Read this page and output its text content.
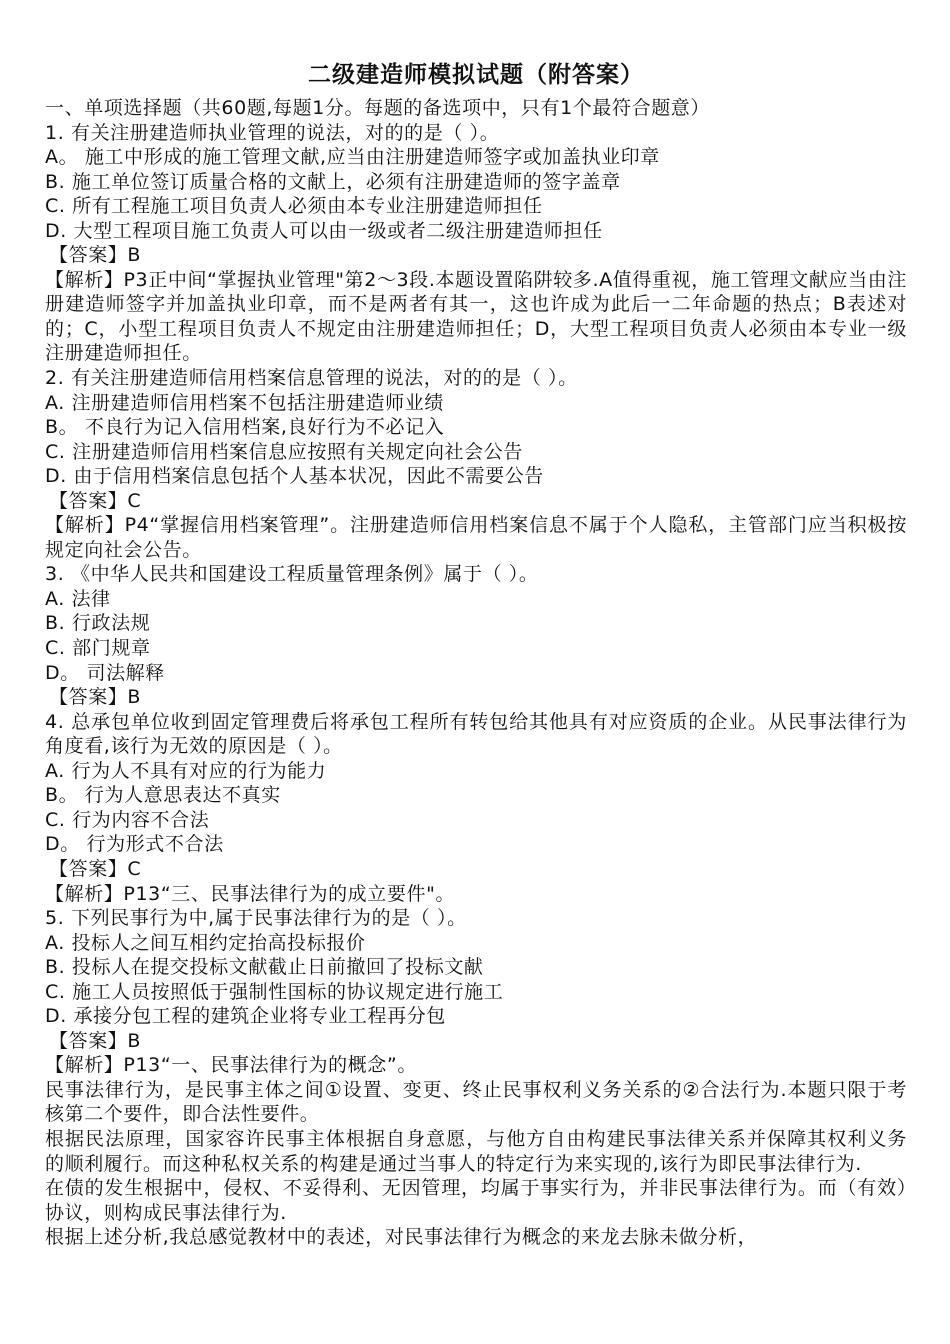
二级建造师模拟试题（附答案）
一、单项选择题（共60题,每题1分。每题的备选项中，只有1个最符合题意）
1. 有关注册建造师执业管理的说法，对的的是（ ）。
A。 施工中形成的施工管理文献,应当由注册建造师签字或加盖执业印章
B. 施工单位签订质量合格的文献上，必须有注册建造师的签字盖章
C. 所有工程施工项目负责人必须由本专业注册建造师担任
D. 大型工程项目施工负责人可以由一级或者二级注册建造师担任
【答案】B
【解析】P3正中间“掌握执业管理"第2～3段.本题设置陷阱较多.A值得重视，施工管理文献应当由注册建造师签字并加盖执业印章，而不是两者有其一，这也许成为此后一二年命题的热点；B表述对的；C，小型工程项目负责人不规定由注册建造师担任；D，大型工程项目负责人必须由本专业一级注册建造师担任。
2. 有关注册建造师信用档案信息管理的说法，对的的是（ ）。
A. 注册建造师信用档案不包括注册建造师业绩
B。 不良行为记入信用档案,良好行为不必记入
C. 注册建造师信用档案信息应按照有关规定向社会公告
D. 由于信用档案信息包括个人基本状况，因此不需要公告
【答案】C
【解析】P4“掌握信用档案管理”。注册建造师信用档案信息不属于个人隐私，主管部门应当积极按规定向社会公告。
3. 《中华人民共和国建设工程质量管理条例》属于（ ）。
A. 法律
B. 行政法规
C. 部门规章
D。 司法解释
【答案】B
4. 总承包单位收到固定管理费后将承包工程所有转包给其他具有对应资质的企业。从民事法律行为角度看,该行为无效的原因是（ ）。
A. 行为人不具有对应的行为能力
B。 行为人意思表达不真实
C. 行为内容不合法
D。 行为形式不合法
【答案】C
【解析】P13“三、民事法律行为的成立要件"。
5. 下列民事行为中,属于民事法律行为的是（ ）。
A. 投标人之间互相约定抬高投标报价
B. 投标人在提交投标文献截止日前撤回了投标文献
C. 施工人员按照低于强制性国标的协议规定进行施工
D. 承接分包工程的建筑企业将专业工程再分包
【答案】B
【解析】P13“一、民事法律行为的概念”。
民事法律行为，是民事主体之间①设置、变更、终止民事权利义务关系的②合法行为.本题只限于考核第二个要件，即合法性要件。
根据民法原理，国家容许民事主体根据自身意愿，与他方自由构建民事法律关系并保障其权利义务的顺利履行。而这种私权关系的构建是通过当事人的特定行为来实现的,该行为即民事法律行为.
在债的发生根据中，侵权、不妥得利、无因管理，均属于事实行为，并非民事法律行为。而（有效）协议，则构成民事法律行为.
根据上述分析,我总感觉教材中的表述，对民事法律行为概念的来龙去脉未做分析，
